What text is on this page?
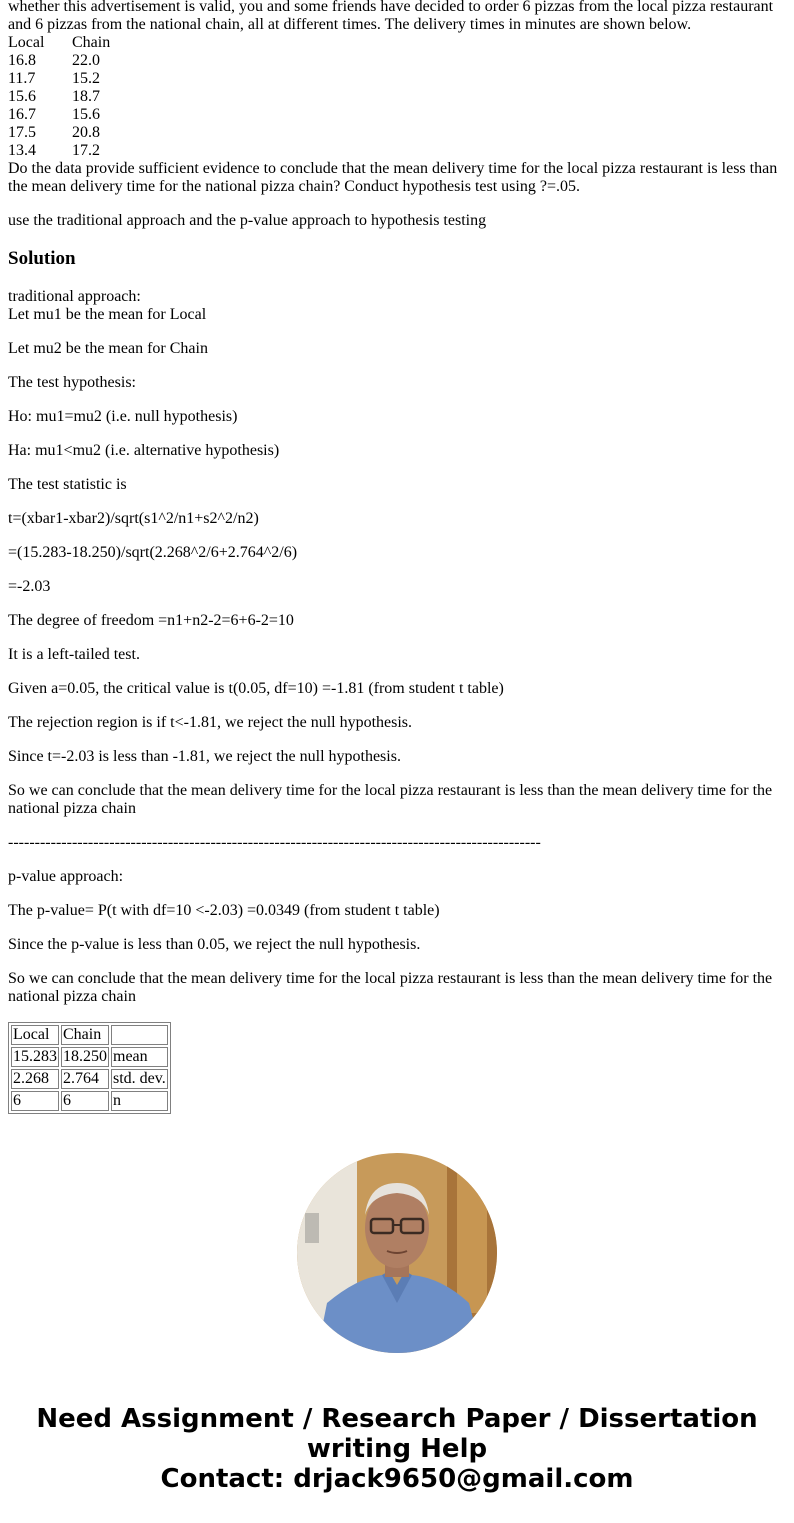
whether this advertisement is valid, you and some friends have decided to order 6 pizzas from the local pizza restaurant
and 6 pizzas from the national chain, all at different times. The delivery times in minutes are shown below.
Local	Chain
16.8	22.0
11.7	15.2
15.6	18.7
16.7	15.6
17.5	20.8
13.4	17.2
Do the data provide sufficient evidence to conclude that the mean delivery time for the local pizza restaurant is less than
the mean delivery time for the national pizza chain? Conduct hypothesis test using ?=.05.
use the traditional approach and the p-value approach to hypothesis testing
Solution

traditional approach:

Let mu1 be the mean for Local

Let mu2 be the mean for Chain

The test hypothesis:

Ho: mu1=mu2 (i.e. null hypothesis)

Ha: mu1<mu2 (i.e. alternative hypothesis)

The test statistic is

t=(xbar1-xbar2)/sqrt(s1^2/n1+s2^2/n2)

=(15.283-18.250)/sqrt(2.268^2/6+2.764^2/6)

=-2.03

The degree of freedom =n1+n2-2=6+6-2=10

It is a left-tailed test.

Given a=0.05, the critical value is t(0.05, df=10) =-1.81 (from student t table)

The rejection region is if t<-1.81, we reject the null hypothesis.

Since t=-2.03 is less than -1.81, we reject the null hypothesis.

So we can conclude that the mean delivery time for the local pizza restaurant is less than the mean delivery time for the
national pizza chain

----------------------------------------------------------------------------------------------------

p-value approach:

The p-value= P(t with df=10 <-2.03) =0.0349 (from student t table)

Since the p-value is less than 0.05, we reject the null hypothesis.

So we can conclude that the mean delivery time for the local pizza restaurant is less than the mean delivery time for the
national pizza chain

Local	Chain	
15.283	18.250	mean
2.268	2.764	std. dev.
6	6	n
Need Assignment / Research Paper / Dissertation
writing Help
Contact: drjack9650@gmail.com
